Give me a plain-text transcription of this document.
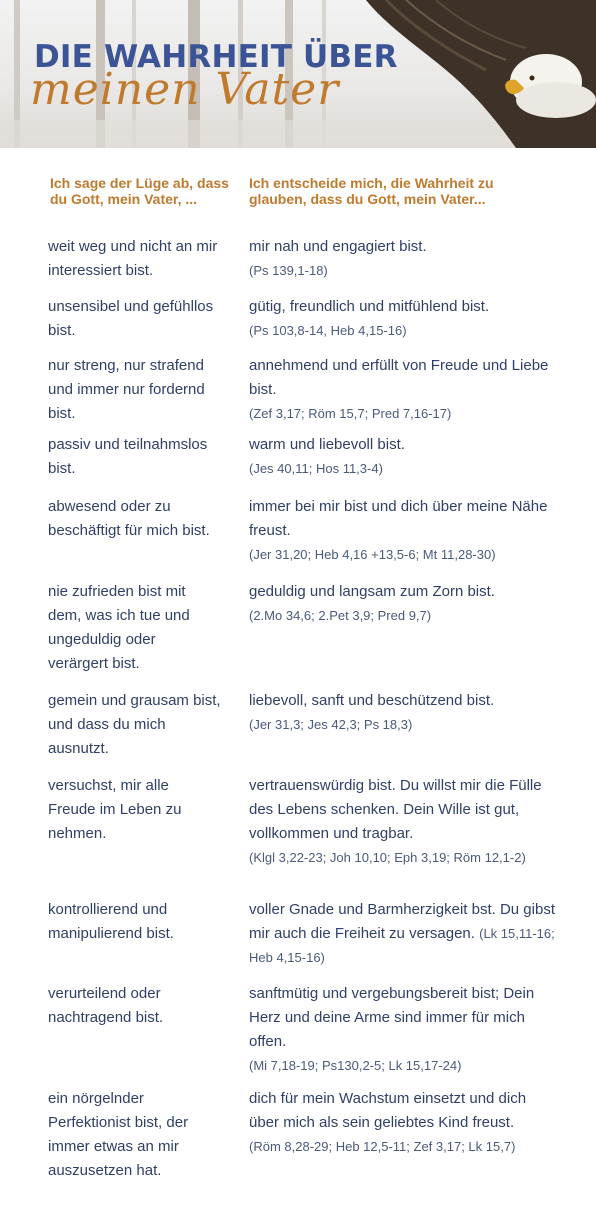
DIE WAHRHEIT ÜBER
meinen Vater
Ich sage der Lüge ab, dass du Gott, mein Vater, ...
Ich entscheide mich, die Wahrheit zu glauben, dass du Gott, mein Vater...
weit weg und nicht an mir interessiert bist.
mir nah und engagiert bist.
(Ps 139,1-18)
unsensibel und gefühllos bist.
gütig, freundlich und mitfühlend bist.
(Ps 103,8-14, Heb 4,15-16)
nur streng, nur strafend und immer nur fordernd bist.
annehmend und erfüllt von Freude und Liebe bist.
(Zef 3,17; Röm 15,7; Pred 7,16-17)
passiv und teilnahmslos bist.
warm und liebevoll bist.
(Jes 40,11; Hos 11,3-4)
abwesend oder zu beschäftigt für mich bist.
immer bei mir bist und dich über meine Nähe freust.
(Jer 31,20; Heb 4,16 +13,5-6; Mt 11,28-30)
nie zufrieden bist mit dem, was ich tue und ungeduldig oder verärgert bist.
geduldig und langsam zum Zorn bist.
(2.Mo 34,6; 2.Pet 3,9; Pred 9,7)
gemein und grausam bist, und dass du mich ausnutzt.
liebevoll, sanft und beschützend bist.
(Jer 31,3; Jes 42,3; Ps 18,3)
versuchst, mir alle Freude im Leben zu nehmen.
vertrauenswürdig bist. Du willst mir die Fülle des Lebens schenken. Dein Wille ist gut, vollkommen und tragbar.
(Klgl 3,22-23; Joh 10,10; Eph 3,19; Röm 12,1-2)
kontrollierend und manipulierend bist.
voller Gnade und Barmherzigkeit bst. Du gibst mir auch die Freiheit zu versagen. (Lk 15,11-16; Heb 4,15-16)
verurteilend oder nachtragend bist.
sanftmütig und vergebungsbereit bist; Dein Herz und deine Arme sind immer für mich offen.
(Mi 7,18-19; Ps130,2-5; Lk 15,17-24)
ein nörgelnder Perfektionist bist, der immer etwas an mir auszusetzen hat.
dich für mein Wachstum einsetzt und dich über mich als sein geliebtes Kind freust.
(Röm 8,28-29; Heb 12,5-11; Zef 3,17; Lk 15,7)
